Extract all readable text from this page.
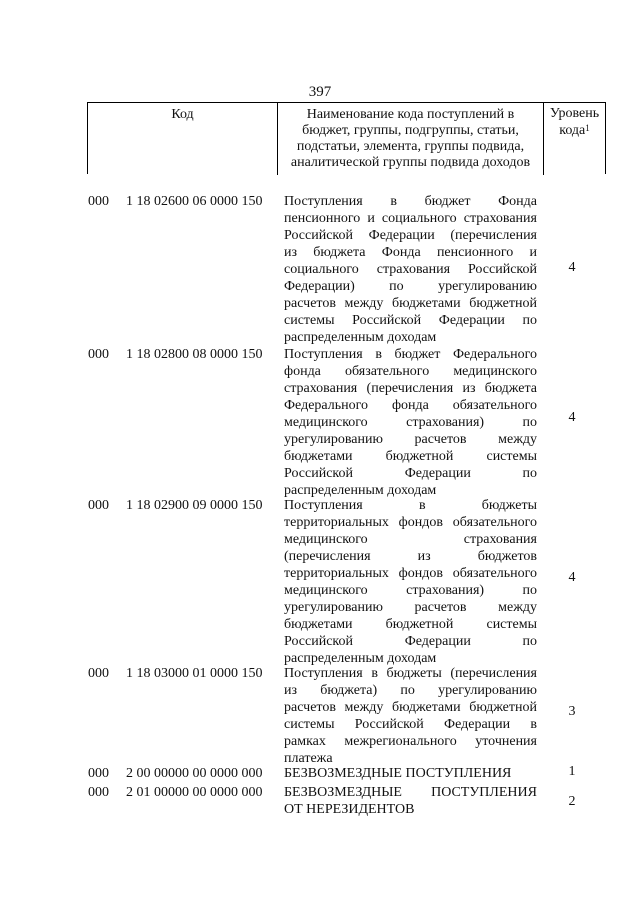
397
Код	Наименование кода поступлений в
бюджет, группы, подгруппы, статьи,
подстатьи, элемента, группы подвида,
аналитической группы подвида доходов
Уровень
кода$^1$
000	1 18 02600 06 0000 150	Поступления в бюджет Фонда
пенсионного и социального страхования
Российской Федерации (перечисления
из бюджета Фонда пенсионного и
социального страхования Российской
Федерации) по урегулированию
расчетов между бюджетами бюджетной
системы Российской Федерации по
распределенным доходам
4
000	1 18 02800 08 0000 150	Поступления в бюджет Федерального
фонда обязательного медицинского
страхования (перечисления из бюджета
Федерального фонда обязательного
медицинского страхования) по
урегулированию расчетов между
бюджетами бюджетной системы
Российской Федерации по
распределенным доходам
4
000	1 18 02900 09 0000 150	Поступления в бюджеты
территориальных фондов обязательного
медицинского страхования
(перечисления из бюджетов
территориальных фондов обязательного
медицинского страхования) по
урегулированию расчетов между
бюджетами бюджетной системы
Российской Федерации по
распределенным доходам
4
000	1 18 03000 01 0000 150	Поступления в бюджеты (перечисления
из бюджета) по урегулированию
расчетов между бюджетами бюджетной
системы Российской Федерации в
рамках межрегионального уточнения
платежа
3
000	2 00 00000 00 0000 000	БЕЗВОЗМЕЗДНЫЕ ПОСТУПЛЕНИЯ	1
000	2 01 00000 00 0000 000	БЕЗВОЗМЕЗДНЫЕ ПОСТУПЛЕНИЯ
ОТ НЕРЕЗИДЕНТОВ
2
